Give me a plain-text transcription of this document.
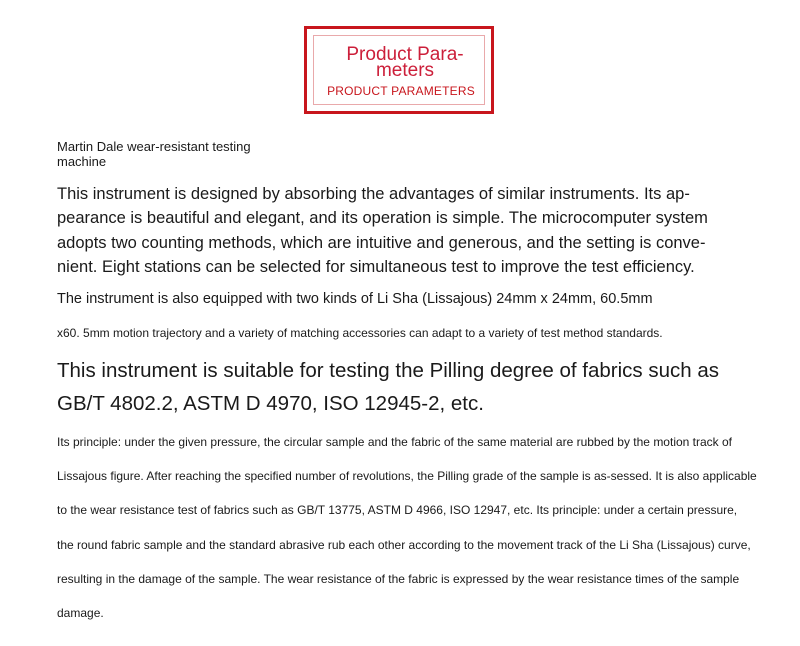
Product Para-meters
PRODUCT PARAMETERS
Martin Dale wear-resistant testing machine
This instrument is designed by absorbing the advantages of similar instruments. Its ap-pearance is beautiful and elegant, and its operation is simple. The microcomputer system adopts two counting methods, which are intuitive and generous, and the setting is conve-nient. Eight stations can be selected for simultaneous test to improve the test efficiency.
The instrument is also equipped with two kinds of Li Sha (Lissajous) 24mm x 24mm, 60.5mm
x60. 5mm motion trajectory and a variety of matching accessories can adapt to a variety of test method standards.
This instrument is suitable for testing the Pilling degree of fabrics such as GB/T 4802.2, ASTM D 4970, ISO 12945-2, etc.
Its principle: under the given pressure, the circular sample and the fabric of the same material are rubbed by the motion track of Lissajous figure. After reaching the specified number of revolutions, the Pilling grade of the sample is as-sessed. It is also applicable to the wear resistance test of fabrics such as GB/T 13775, ASTM D 4966, ISO 12947, etc. Its principle: under a certain pressure, the round fabric sample and the standard abrasive rub each other according to the movement track of the Li Sha (Lissajous) curve, resulting in the damage of the sample. The wear resistance of the fabric is expressed by the wear resistance times of the sample damage.
